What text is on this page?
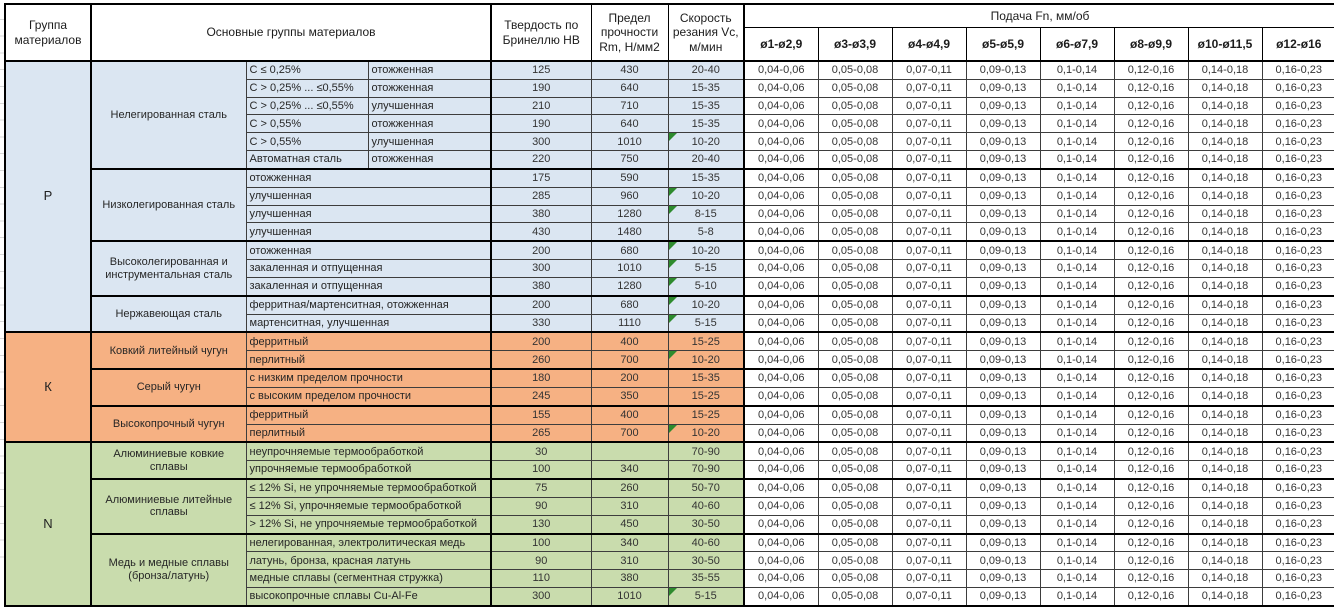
Группа материалов	Основные группы материалов			Твердость по Бринеллю HB	Предел прочности Rm, Н/мм2	Скорость резания Vc, м/мин	Подача Fn, мм/об							
							ø1-ø2,9	ø3-ø3,9	ø4-ø4,9	ø5-ø5,9	ø6-ø7,9	ø8-ø9,9	ø10-ø11,5	ø12-ø16
P	Нелегированная сталь	C ≤ 0,25%	отожженная	125	430	20-40	0,04-0,06	0,05-0,08	0,07-0,11	0,09-0,13	0,1-0,14	0,12-0,16	0,14-0,18	0,16-0,23
		C > 0,25% ... ≤0,55%	отожженная	190	640	15-35	0,04-0,06	0,05-0,08	0,07-0,11	0,09-0,13	0,1-0,14	0,12-0,16	0,14-0,18	0,16-0,23
		C > 0,25% ... ≤0,55%	улучшенная	210	710	15-35	0,04-0,06	0,05-0,08	0,07-0,11	0,09-0,13	0,1-0,14	0,12-0,16	0,14-0,18	0,16-0,23
		C > 0,55%	отожженная	190	640	15-35	0,04-0,06	0,05-0,08	0,07-0,11	0,09-0,13	0,1-0,14	0,12-0,16	0,14-0,18	0,16-0,23
		C > 0,55%	улучшенная	300	1010	10-20	0,04-0,06	0,05-0,08	0,07-0,11	0,09-0,13	0,1-0,14	0,12-0,16	0,14-0,18	0,16-0,23
		Автоматная сталь	отожженная	220	750	20-40	0,04-0,06	0,05-0,08	0,07-0,11	0,09-0,13	0,1-0,14	0,12-0,16	0,14-0,18	0,16-0,23
	Низколегированная сталь	отожженная		175	590	15-35	0,04-0,06	0,05-0,08	0,07-0,11	0,09-0,13	0,1-0,14	0,12-0,16	0,14-0,18	0,16-0,23
		улучшенная		285	960	10-20	0,04-0,06	0,05-0,08	0,07-0,11	0,09-0,13	0,1-0,14	0,12-0,16	0,14-0,18	0,16-0,23
		улучшенная		380	1280	8-15	0,04-0,06	0,05-0,08	0,07-0,11	0,09-0,13	0,1-0,14	0,12-0,16	0,14-0,18	0,16-0,23
		улучшенная		430	1480	5-8	0,04-0,06	0,05-0,08	0,07-0,11	0,09-0,13	0,1-0,14	0,12-0,16	0,14-0,18	0,16-0,23
	Высоколегированная и инструментальная сталь	отожженная		200	680	10-20	0,04-0,06	0,05-0,08	0,07-0,11	0,09-0,13	0,1-0,14	0,12-0,16	0,14-0,18	0,16-0,23
		закаленная и отпущенная		300	1010	5-15	0,04-0,06	0,05-0,08	0,07-0,11	0,09-0,13	0,1-0,14	0,12-0,16	0,14-0,18	0,16-0,23
		закаленная и отпущенная		380	1280	5-10	0,04-0,06	0,05-0,08	0,07-0,11	0,09-0,13	0,1-0,14	0,12-0,16	0,14-0,18	0,16-0,23
	Нержавеющая сталь	ферритная/мартенситная, отожженная		200	680	10-20	0,04-0,06	0,05-0,08	0,07-0,11	0,09-0,13	0,1-0,14	0,12-0,16	0,14-0,18	0,16-0,23
		мартенситная, улучшенная		330	1110	5-15	0,04-0,06	0,05-0,08	0,07-0,11	0,09-0,13	0,1-0,14	0,12-0,16	0,14-0,18	0,16-0,23
К	Ковкий литейный чугун	ферритный		200	400	15-25	0,04-0,06	0,05-0,08	0,07-0,11	0,09-0,13	0,1-0,14	0,12-0,16	0,14-0,18	0,16-0,23
		перлитный		260	700	10-20	0,04-0,06	0,05-0,08	0,07-0,11	0,09-0,13	0,1-0,14	0,12-0,16	0,14-0,18	0,16-0,23
	Серый чугун	с низким пределом прочности		180	200	15-35	0,04-0,06	0,05-0,08	0,07-0,11	0,09-0,13	0,1-0,14	0,12-0,16	0,14-0,18	0,16-0,23
		с высоким пределом прочности		245	350	15-25	0,04-0,06	0,05-0,08	0,07-0,11	0,09-0,13	0,1-0,14	0,12-0,16	0,14-0,18	0,16-0,23
	Высокопрочный чугун	ферритный		155	400	15-25	0,04-0,06	0,05-0,08	0,07-0,11	0,09-0,13	0,1-0,14	0,12-0,16	0,14-0,18	0,16-0,23
		перлитный		265	700	10-20	0,04-0,06	0,05-0,08	0,07-0,11	0,09-0,13	0,1-0,14	0,12-0,16	0,14-0,18	0,16-0,23
N	Алюминиевые ковкие сплавы	неупрочняемые термообработкой		30		70-90	0,04-0,06	0,05-0,08	0,07-0,11	0,09-0,13	0,1-0,14	0,12-0,16	0,14-0,18	0,16-0,23
		упрочняемые термообработкой		100	340	70-90	0,04-0,06	0,05-0,08	0,07-0,11	0,09-0,13	0,1-0,14	0,12-0,16	0,14-0,18	0,16-0,23
	Алюминиевые литейные сплавы	≤ 12% Si, не упрочняемые термообработкой		75	260	50-70	0,04-0,06	0,05-0,08	0,07-0,11	0,09-0,13	0,1-0,14	0,12-0,16	0,14-0,18	0,16-0,23
		≤ 12% Si, упрочняемые термообработкой		90	310	40-60	0,04-0,06	0,05-0,08	0,07-0,11	0,09-0,13	0,1-0,14	0,12-0,16	0,14-0,18	0,16-0,23
		> 12% Si, не упрочняемые термообработкой		130	450	30-50	0,04-0,06	0,05-0,08	0,07-0,11	0,09-0,13	0,1-0,14	0,12-0,16	0,14-0,18	0,16-0,23
	Медь и медные сплавы (бронза/латунь)	нелегированная, электролитическая медь		100	340	40-60	0,04-0,06	0,05-0,08	0,07-0,11	0,09-0,13	0,1-0,14	0,12-0,16	0,14-0,18	0,16-0,23
		латунь, бронза, красная латунь		90	310	30-50	0,04-0,06	0,05-0,08	0,07-0,11	0,09-0,13	0,1-0,14	0,12-0,16	0,14-0,18	0,16-0,23
		медные сплавы (сегментная стружка)		110	380	35-55	0,04-0,06	0,05-0,08	0,07-0,11	0,09-0,13	0,1-0,14	0,12-0,16	0,14-0,18	0,16-0,23
		высокопрочные сплавы Cu-Al-Fe		300	1010	5-15	0,04-0,06	0,05-0,08	0,07-0,11	0,09-0,13	0,1-0,14	0,12-0,16	0,14-0,18	0,16-0,23
